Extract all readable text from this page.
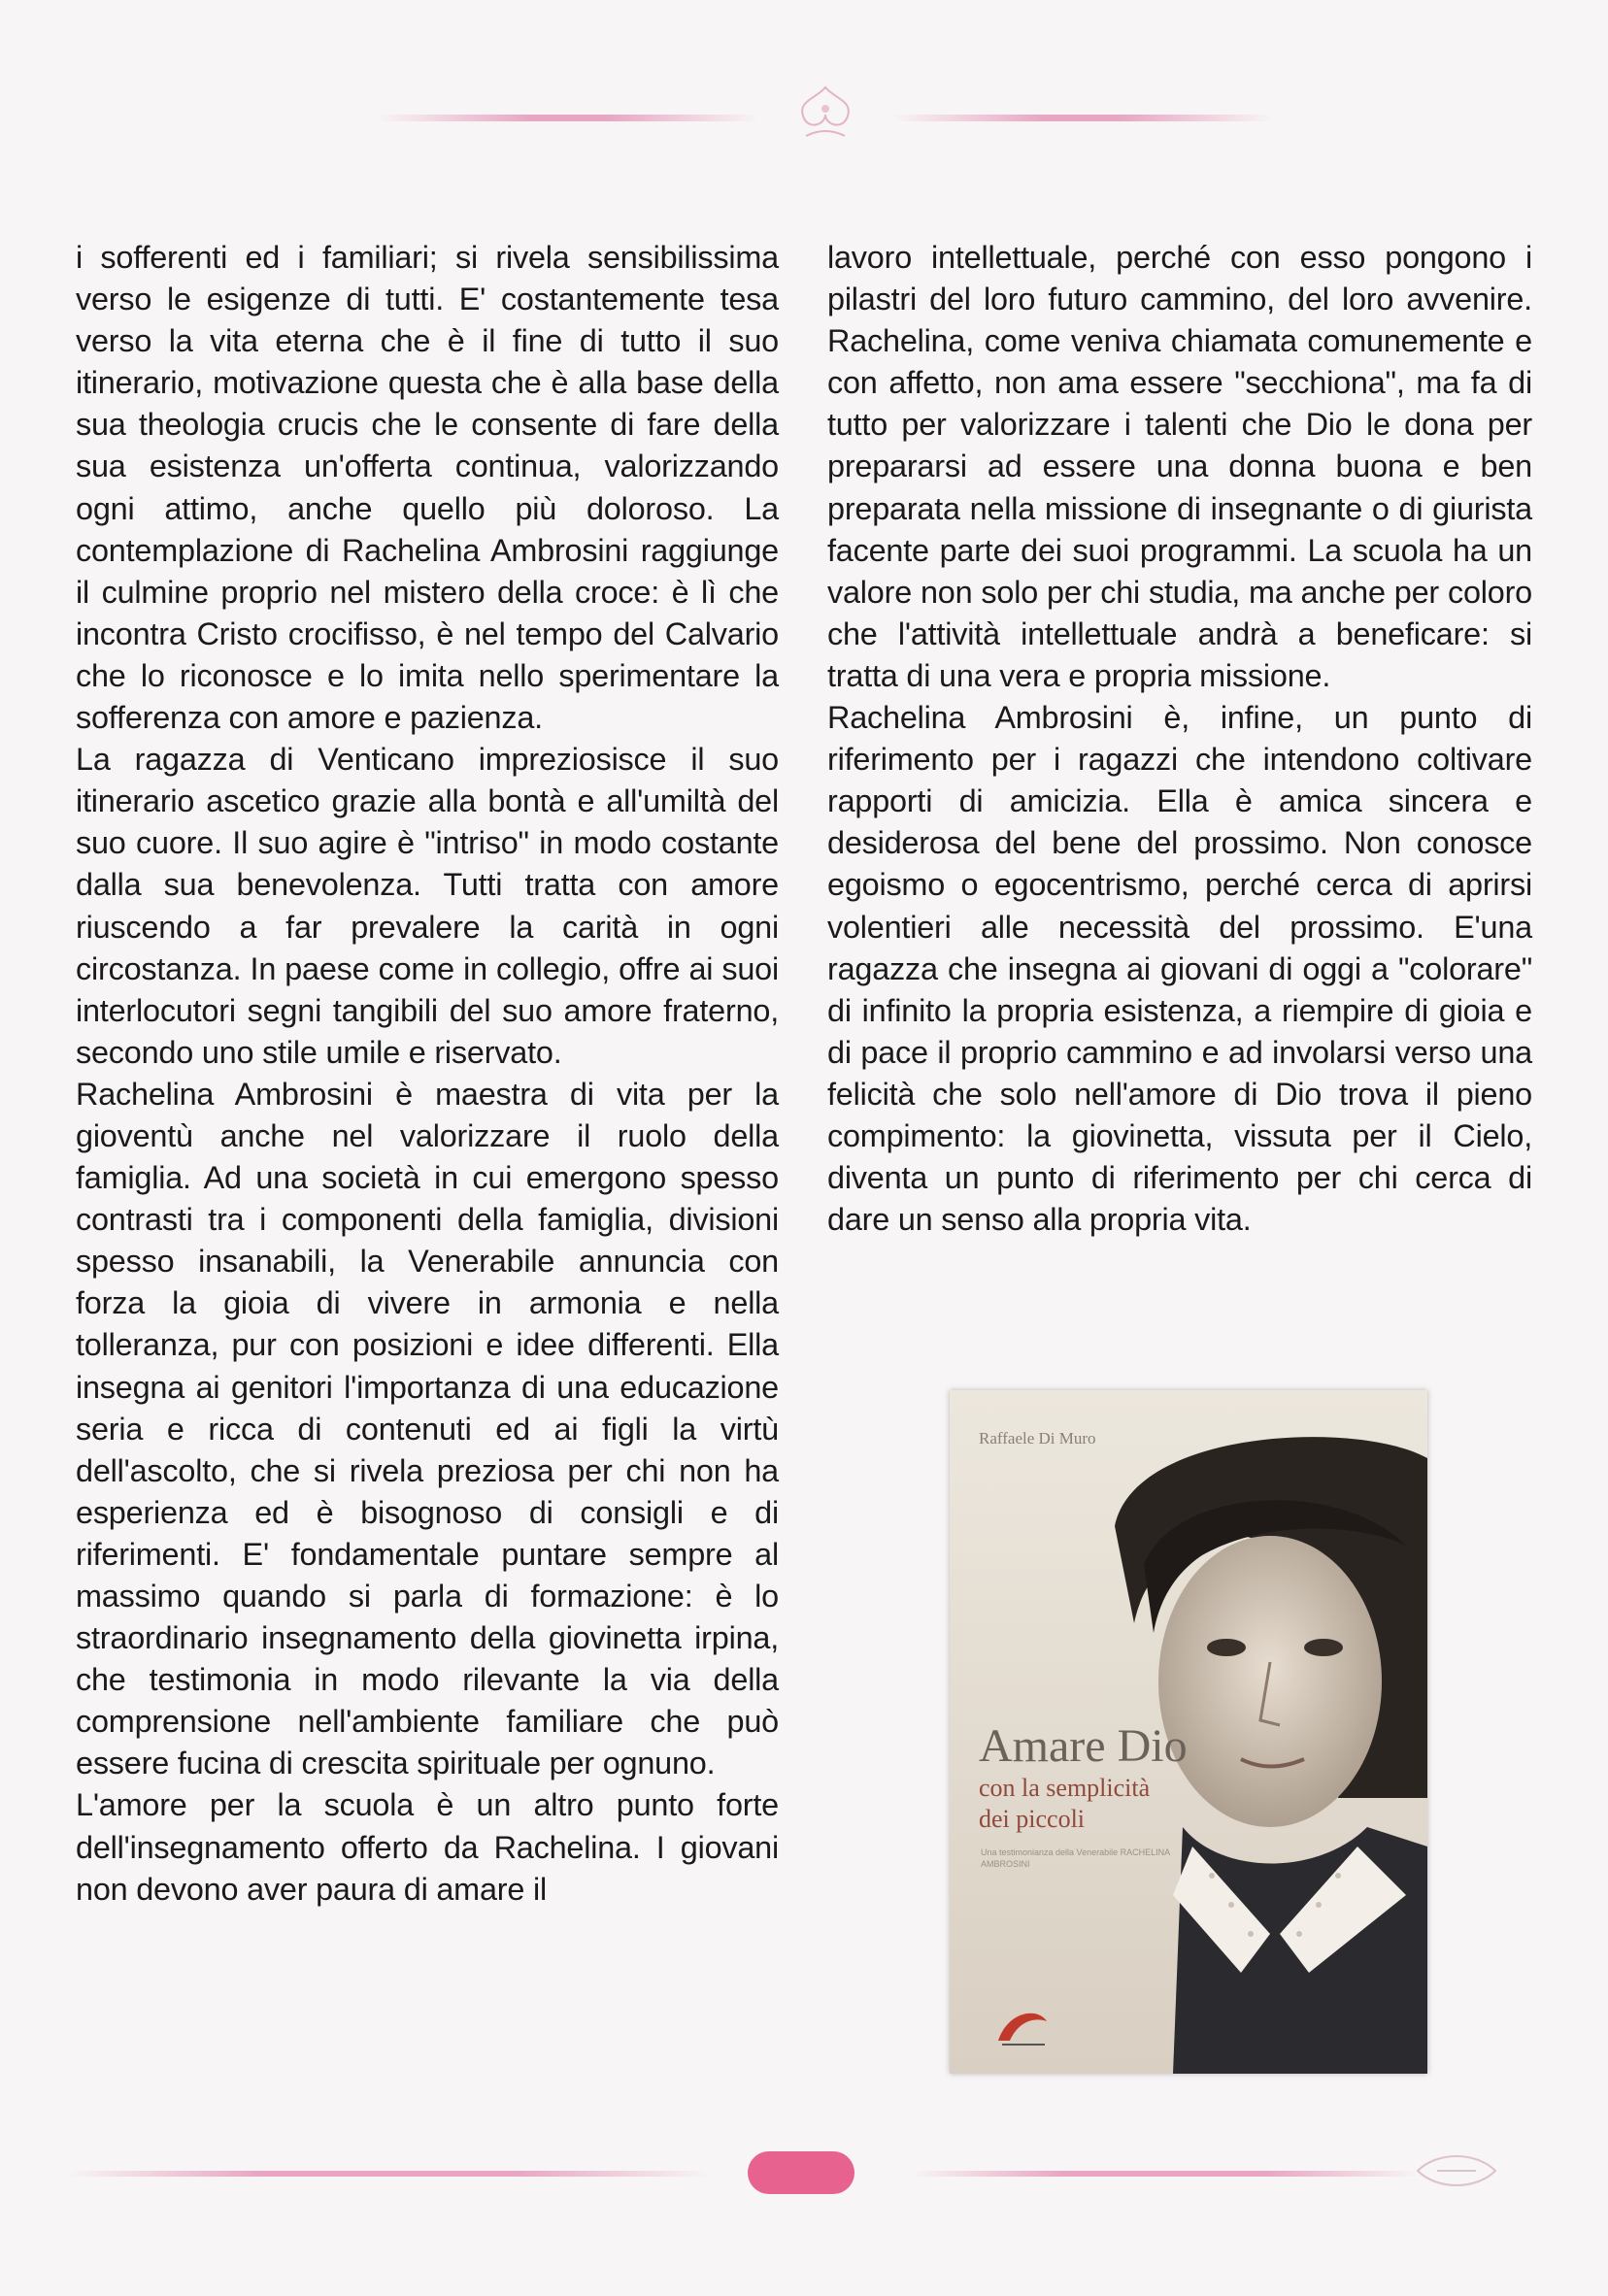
i sofferenti ed i familiari; si rivela sensibilissima verso le esigenze di tutti. E' costantemente tesa verso la vita eterna che è il fine di tutto il suo itinerario, motivazione questa che è alla base della sua theologia crucis che le consente di fare della sua esistenza un'offerta continua, valorizzando ogni attimo, anche quello più doloroso. La contemplazione di Rachelina Ambrosini raggiunge il culmine proprio nel mistero della croce: è lì che incontra Cristo crocifisso, è nel tempo del Calvario che lo riconosce e lo imita nello sperimentare la sofferenza con amore e pazienza.

La ragazza di Venticano impreziosisce il suo itinerario ascetico grazie alla bontà e all'umiltà del suo cuore. Il suo agire è "intriso" in modo costante dalla sua benevolenza. Tutti tratta con amore riuscendo a far prevalere la carità in ogni circostanza. In paese come in collegio, offre ai suoi interlocutori segni tangibili del suo amore fraterno, secondo uno stile umile e riservato.

Rachelina Ambrosini è maestra di vita per la gioventù anche nel valorizzare il ruolo della famiglia. Ad una società in cui emergono spesso contrasti tra i componenti della famiglia, divisioni spesso insanabili, la Venerabile annuncia con forza la gioia di vivere in armonia e nella tolleranza, pur con posizioni e idee differenti. Ella insegna ai genitori l'importanza di una educazione seria e ricca di contenuti ed ai figli la virtù dell'ascolto, che si rivela preziosa per chi non ha esperienza ed è bisognoso di consigli e di riferimenti. E' fondamentale puntare sempre al massimo quando si parla di formazione: è lo straordinario insegnamento della giovinetta irpina, che testimonia in modo rilevante la via della comprensione nell'ambiente familiare che può essere fucina di crescita spirituale per ognuno.

L'amore per la scuola è un altro punto forte dell'insegnamento offerto da Rachelina. I giovani non devono aver paura di amare il

lavoro intellettuale, perché con esso pongono i pilastri del loro futuro cammino, del loro avvenire. Rachelina, come veniva chiamata comunemente e con affetto, non ama essere "secchiona", ma fa di tutto per valorizzare i talenti che Dio le dona per prepararsi ad essere una donna buona e ben preparata nella missione di insegnante o di giurista facente parte dei suoi programmi. La scuola ha un valore non solo per chi studia, ma anche per coloro che l'attività intellettuale andrà a beneficare: si tratta di una vera e propria missione.

Rachelina Ambrosini è, infine, un punto di riferimento per i ragazzi che intendono coltivare rapporti di amicizia. Ella è amica sincera e desiderosa del bene del prossimo. Non conosce egoismo o egocentrismo, perché cerca di aprirsi volentieri alle necessità del prossimo. E'una ragazza che insegna ai giovani di oggi a "colorare" di infinito la propria esistenza, a riempire di gioia e di pace il proprio cammino e ad involarsi verso una felicità che solo nell'amore di Dio trova il pieno compimento: la giovinetta, vissuta per il Cielo, diventa un punto di riferimento per chi cerca di dare un senso alla propria vita.

Raffaele Di Muro
Amare Dio
con la semplicità
dei piccoli
Una testimonianza della Venerabile RACHELINA AMBROSINI
